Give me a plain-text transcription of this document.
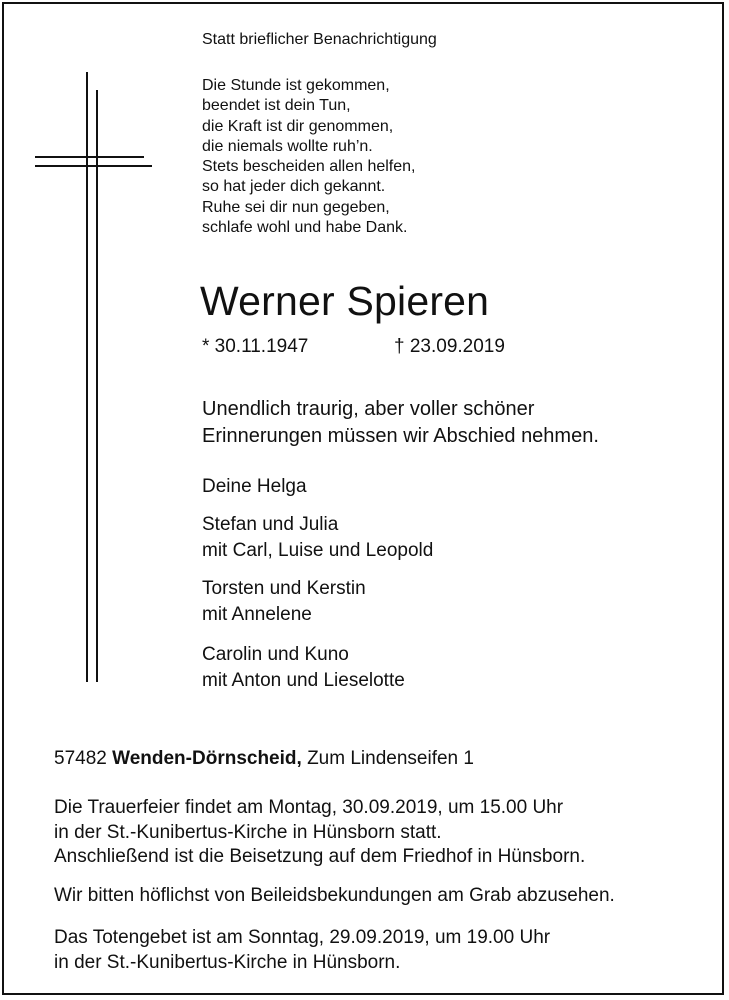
Statt brieflicher Benachrichtigung
Die Stunde ist gekommen,
beendet ist dein Tun,
die Kraft ist dir genommen,
die niemals wollte ruh’n.
Stets bescheiden allen helfen,
so hat jeder dich gekannt.
Ruhe sei dir nun gegeben,
schlafe wohl und habe Dank.
Werner Spieren
* 30.11.1947	† 23.09.2019
Unendlich traurig, aber voller schöner
Erinnerungen müssen wir Abschied nehmen.
Deine Helga
Stefan und Julia
mit Carl, Luise und Leopold
Torsten und Kerstin
mit Annelene
Carolin und Kuno
mit Anton und Lieselotte
57482 Wenden-Dörnscheid, Zum Lindenseifen 1
Die Trauerfeier findet am Montag, 30.09.2019, um 15.00 Uhr
in der St.-Kunibertus-Kirche in Hünsborn statt.
Anschließend ist die Beisetzung auf dem Friedhof in Hünsborn.
Wir bitten höflichst von Beileidsbekundungen am Grab abzusehen.
Das Totengebet ist am Sonntag, 29.09.2019, um 19.00 Uhr
in der St.-Kunibertus-Kirche in Hünsborn.
